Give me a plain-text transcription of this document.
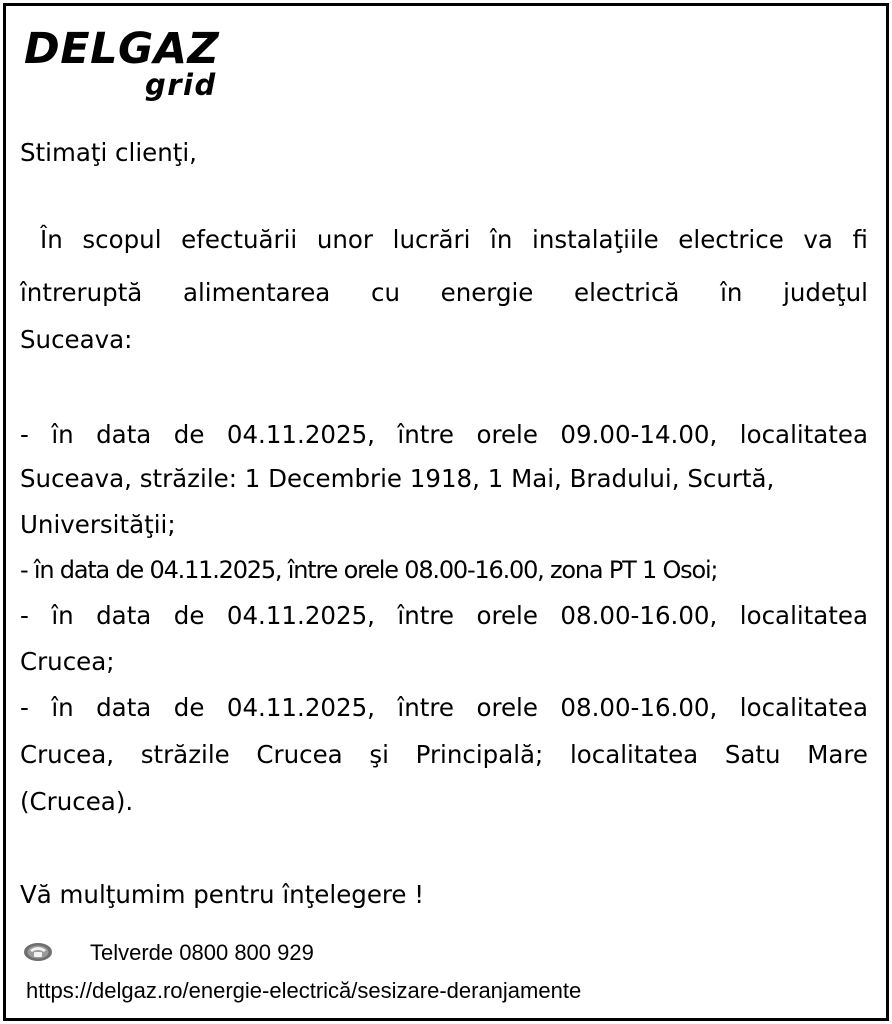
DELGAZ
grid
Stimaţi clienţi,
În scopul efectuării unor lucrări în instalaţiile electrice va fi
întreruptă alimentarea cu energie electrică în judeţul
Suceava:
- în data de 04.11.2025, între orele 09.00-14.00, localitatea
Suceava, străzile: 1 Decembrie 1918, 1 Mai, Bradului, Scurtă,
Universităţii;
- în data de 04.11.2025, între orele 08.00-16.00, zona PT 1 Osoi;
- în data de 04.11.2025, între orele 08.00-16.00, localitatea
Crucea;
- în data de 04.11.2025, între orele 08.00-16.00, localitatea
Crucea, străzile Crucea şi Principală; localitatea Satu Mare
(Crucea).
Vă mulţumim pentru înţelegere !
Telverde 0800 800 929
https://delgaz.ro/energie-electrică/sesizare-deranjamente
